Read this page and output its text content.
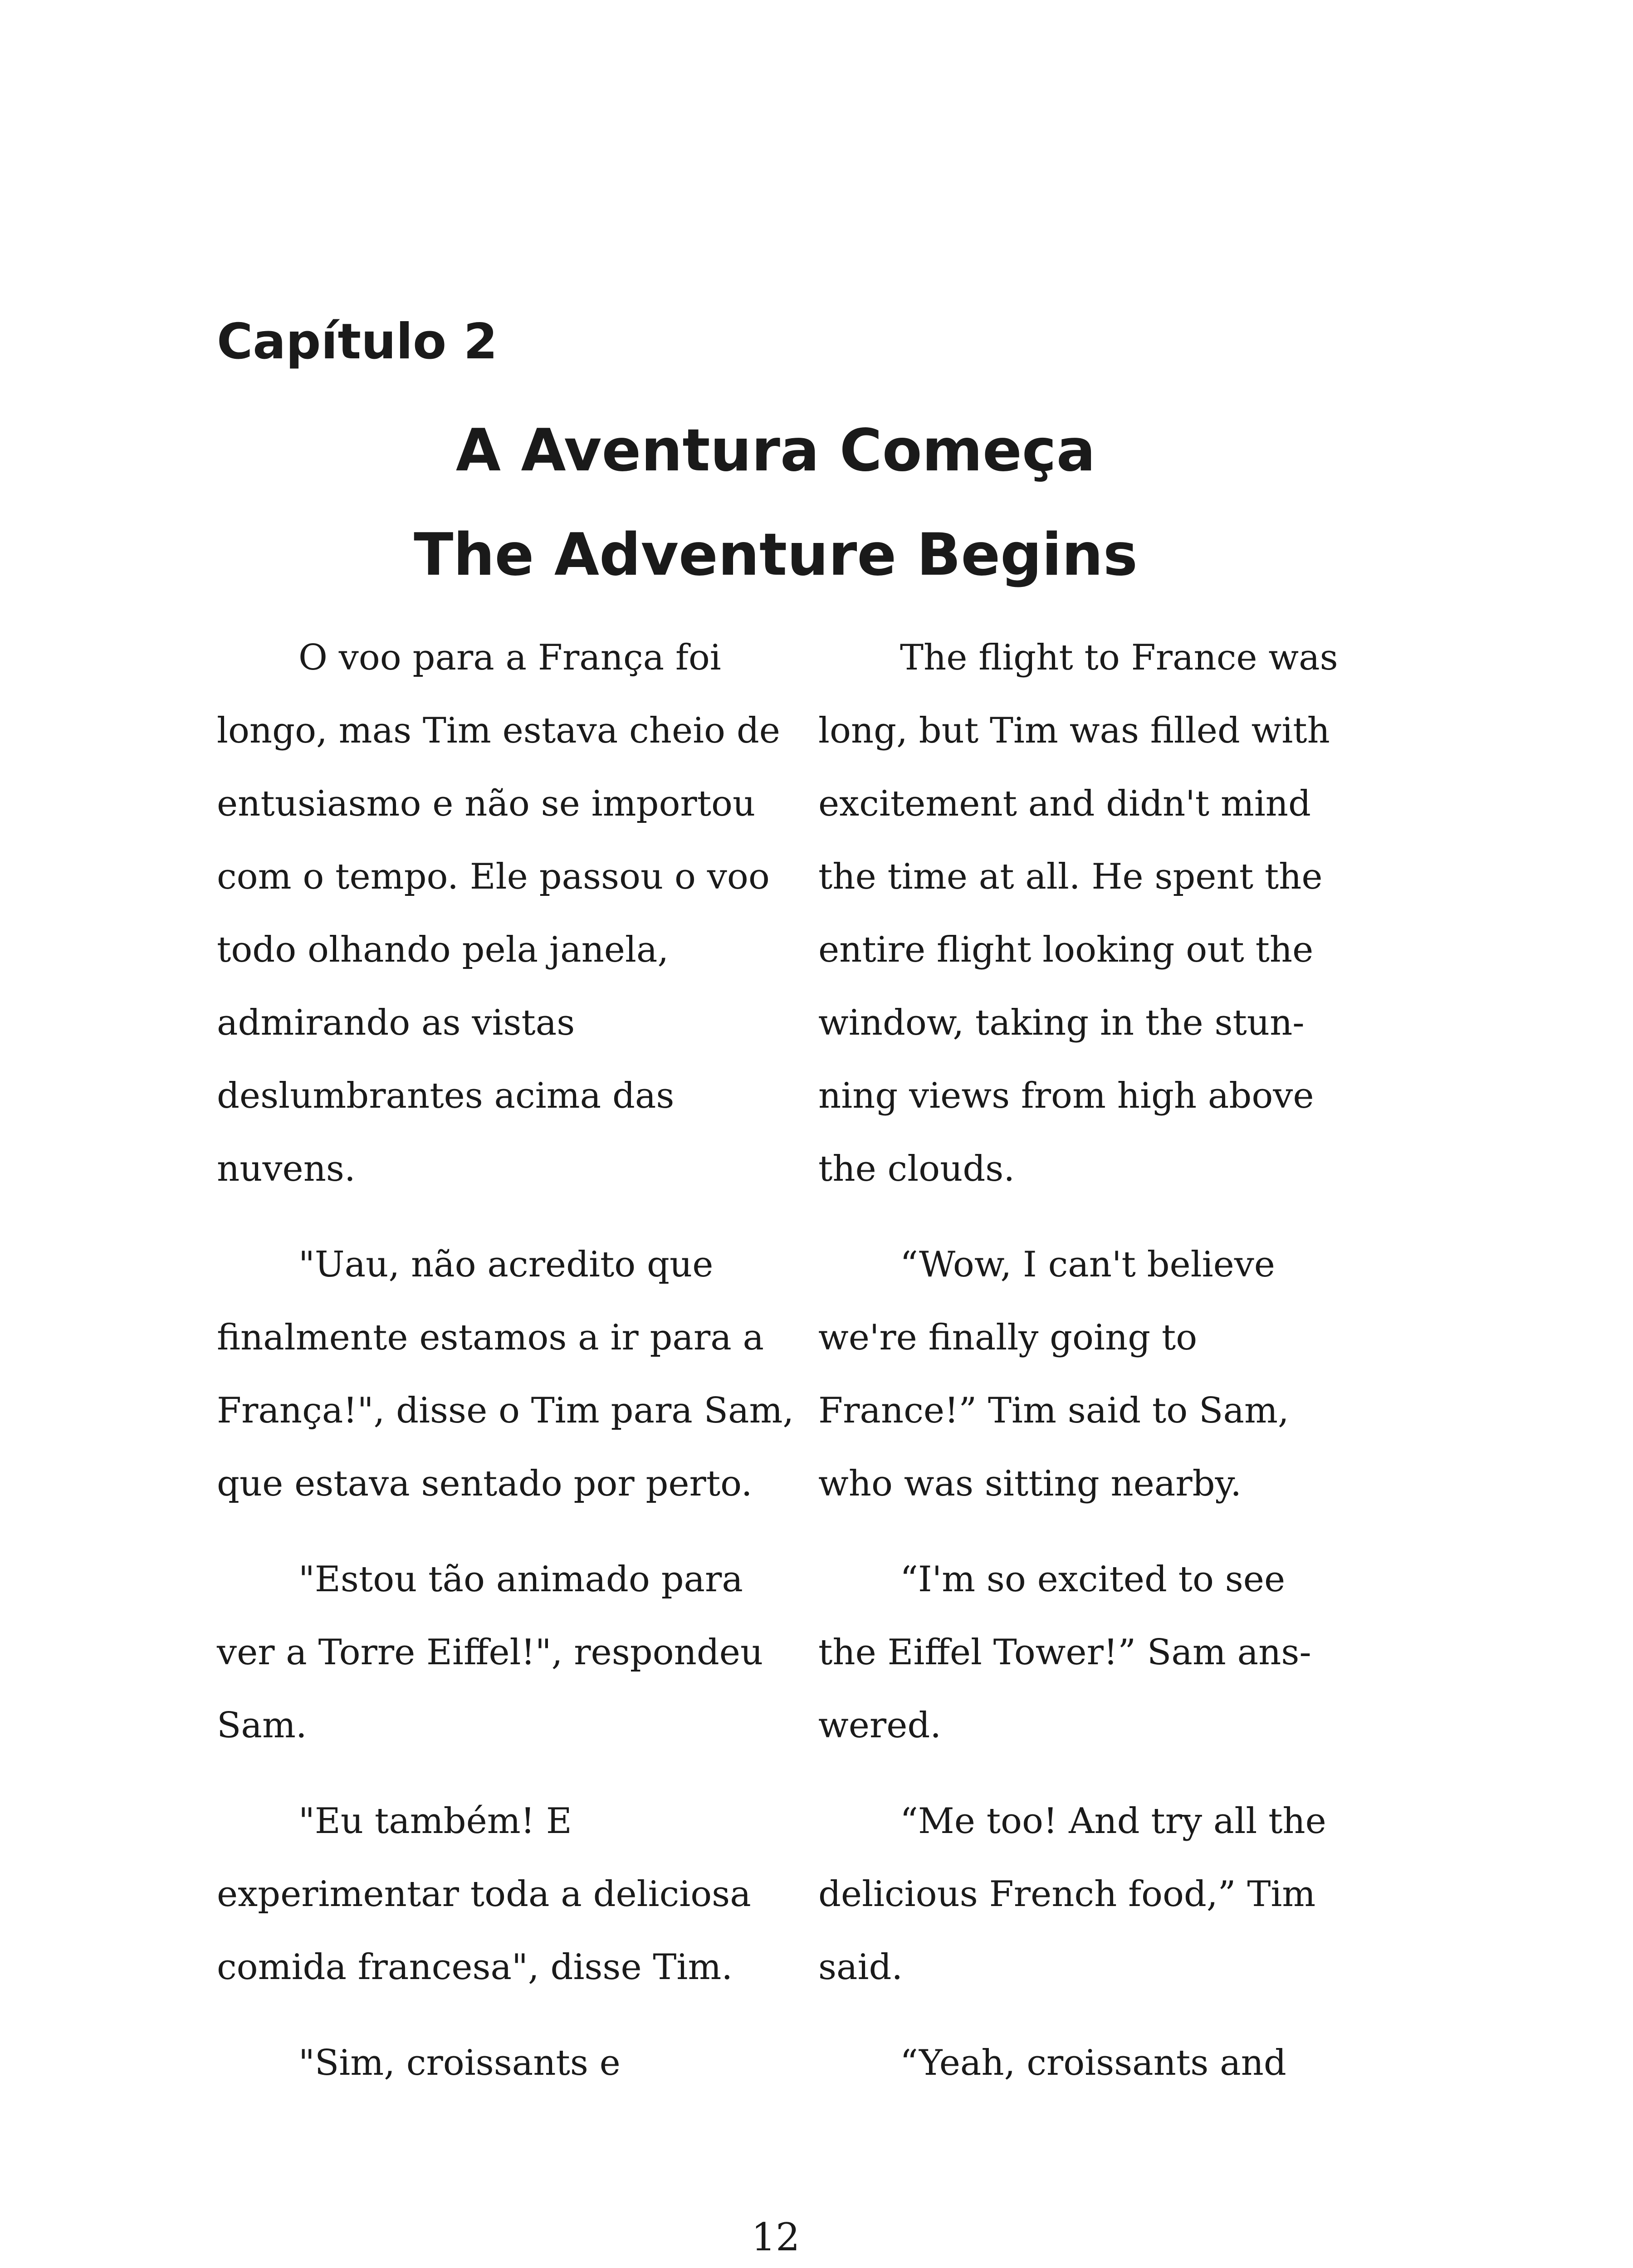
Capítulo 2
A Aventura Começa
The Adventure Begins

O voo para a França foi
longo, mas Tim estava cheio de
entusiasmo e não se importou
com o tempo. Ele passou o voo
todo olhando pela janela,
admirando as vistas
deslumbrantes acima das
nuvens.

"Uau, não acredito que
finalmente estamos a ir para a
França!", disse o Tim para Sam,
que estava sentado por perto.

"Estou tão animado para
ver a Torre Eiffel!", respondeu
Sam.

"Eu também! E
experimentar toda a deliciosa
comida francesa", disse Tim.

"Sim, croissants e

The flight to France was
long, but Tim was filled with
excitement and didn't mind
the time at all. He spent the
entire flight looking out the
window, taking in the stun-
ning views from high above
the clouds.

“Wow, I can't believe
we're finally going to
France!” Tim said to Sam,
who was sitting nearby.

“I'm so excited to see
the Eiffel Tower!” Sam ans-
wered.

“Me too! And try all the
delicious French food,” Tim
said.

“Yeah, croissants and

12
